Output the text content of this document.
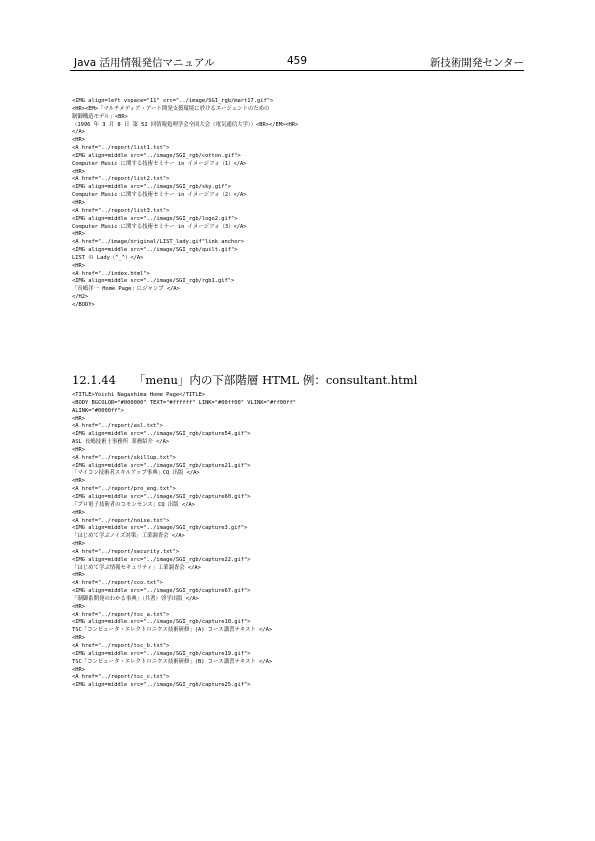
Java 活用情報発信マニュアル	459	新技術開発センター
<IMG align=left vspace="11" src="../image/SGI_rgb/mart17.gif">
<HR><EM>「マルチメディア・アート開発支援環境に於けるエージェントのための
制御構造モデル」<BR>
（1996 年 3 月 8 日 第 52 回情報処理学会全国大会（電気通信大学））<BR></EM><HR>
</A>
<HR>
<A href="../report/list1.txt">
<IMG align=middle src="../image/SGI_rgb/cotton.gif">
Computer Music に関する技術セミナー in イメージフォ（1）</A>
<HR>
<A href="../report/list2.txt">
<IMG align=middle src="../image/SGI_rgb/sky.gif">
Computer Music に関する技術セミナー in イメージフォ（2）</A>
<HR>
<A href="../report/list3.txt">
<IMG align=middle src="../image/SGI_rgb/logo2.gif">
Computer Music に関する技術セミナー in イメージフォ（3）</A>
<HR>
<A href="../image/original/LIST_lady.gif"link anchor>
<IMG align=middle src="../image/SGI_rgb/quilt.gif">
LIST の Lady（^_^）</A>
<HR>
<A href="../index.html">
<IMG align=middle src="../image/SGI_rgb/rgb1.gif">
「長嶋洋一 Home Page」にジャンプ </A>
</H2>
</BODY>
12.1.44 「menu」内の下部階層 HTML 例：consultant.html
<TITLE>Yoichi Nagashima Home Page</TITLE>
<BODY BGCOLOR="#000000" TEXT="#ffffff" LINK="#00ff00" VLINK="#ff00ff"
ALINK="#0000ff">
<HR>
<A href="../report/asl.txt">
<IMG align=middle src="../image/SGI_rgb/capture54.gif">
ASL 長嶋技術士事務所 業務紹介 </A>
<HR>
<A href="../report/skillup.txt">
<IMG align=middle src="../image/SGI_rgb/capture21.gif">
「マイコン技術者スキルアップ事典」CQ 出版 </A>
<HR>
<A href="../report/pro_eng.txt">
<IMG align=middle src="../image/SGI_rgb/capture60.gif">
「プロ電子技術者のコモンセンス」CQ 出版 </A>
<HR>
<A href="../report/noise.txt">
<IMG align=middle src="../image/SGI_rgb/capture3.gif">
「はじめて学ぶノイズ対策」工業調査会 </A>
<HR>
<A href="../report/security.txt">
<IMG align=middle src="../image/SGI_rgb/capture22.gif">
「はじめて学ぶ情報セキュリティ」工業調査会 </A>
<HR>
<A href="../report/cco.txt">
<IMG align=middle src="../image/SGI_rgb/capture67.gif">
「制御系開発のわかる事典」（共著）啓学出版 </A>
<HR>
<A href="../report/tsc_a.txt">
<IMG align=middle src="../image/SGI_rgb/capture10.gif">
TSC「コンピュータ・エレクトロニクス技術研修」(A) コース講習テキスト </A>
<HR>
<A href="../report/tsc_b.txt">
<IMG align=middle src="../image/SGI_rgb/capture19.gif">
TSC「コンピュータ・エレクトロニクス技術研修」(B) コース講習テキスト </A>
<HR>
<A href="../report/tsc_c.txt">
<IMG align=middle src="../image/SGI_rgb/capture25.gif">
